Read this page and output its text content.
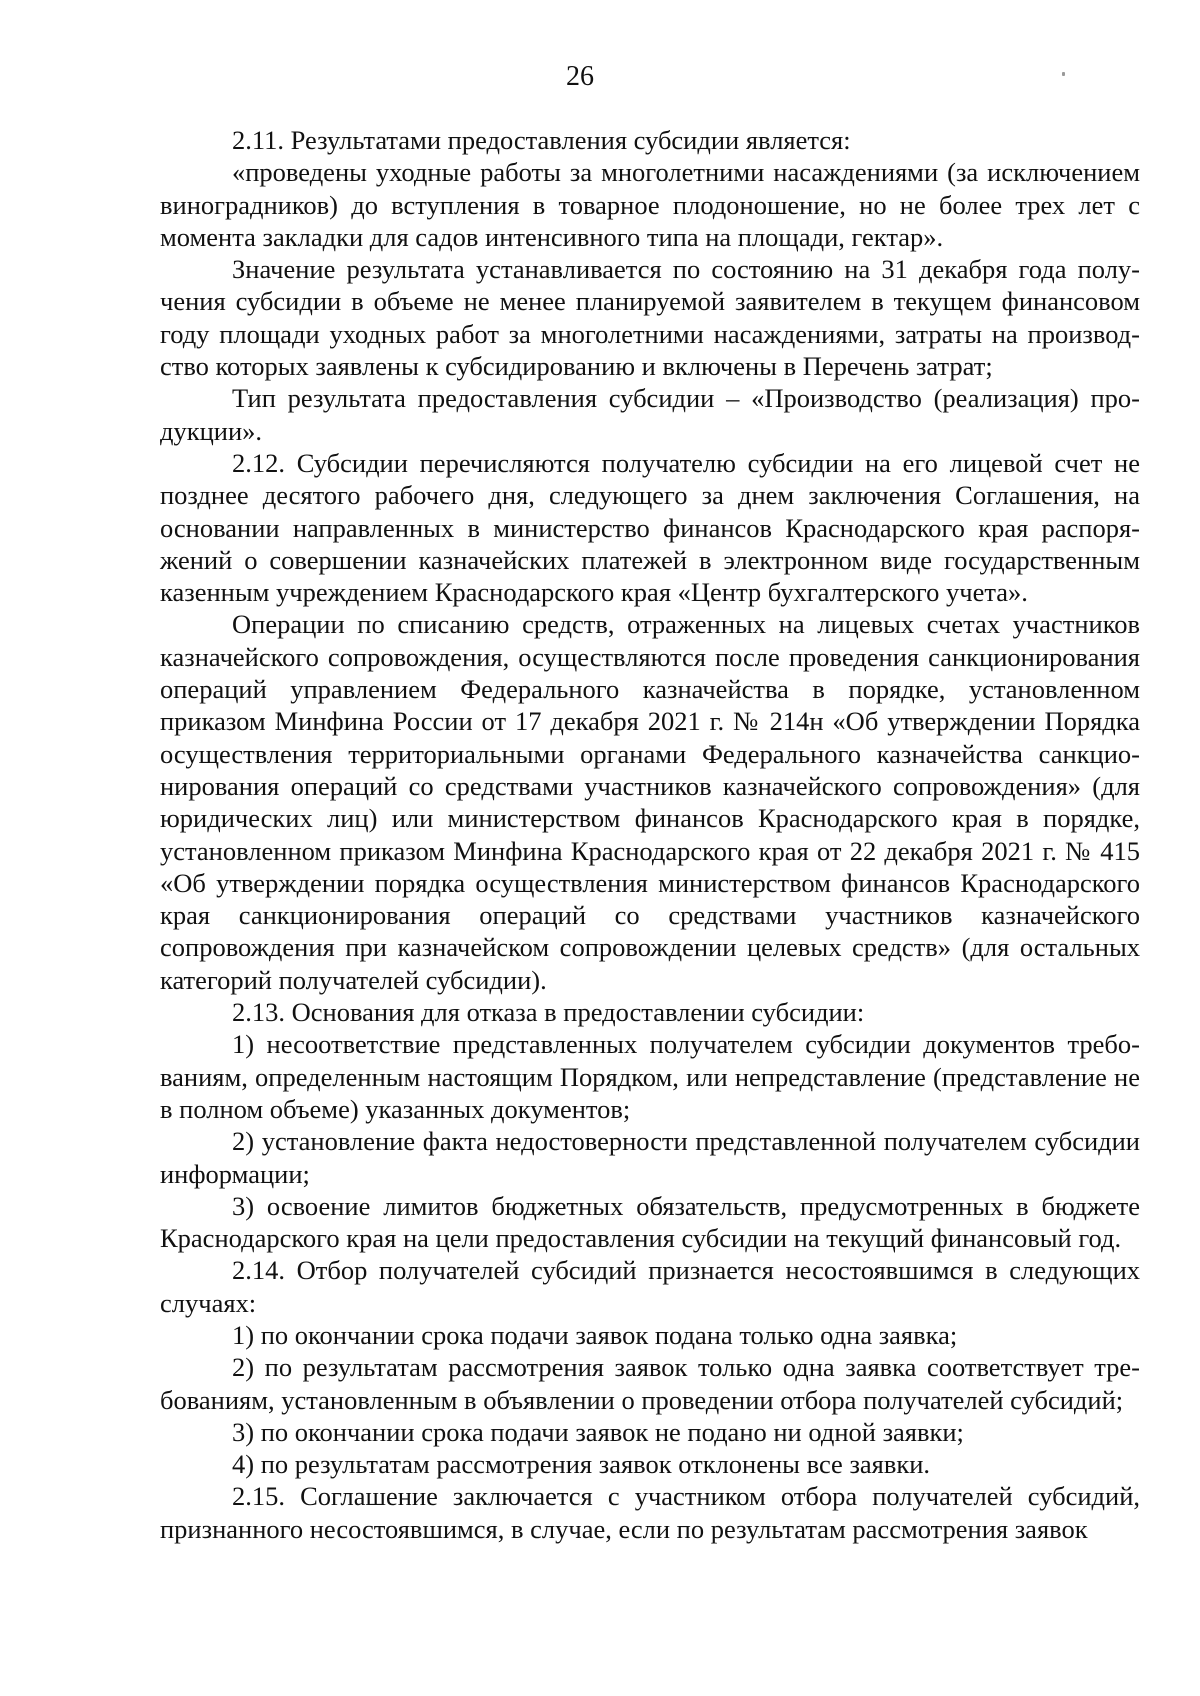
26

2.11. Результатами предоставления субсидии является:

«проведены уходные работы за многолетними насаждениями (за исключением виноградников) до вступления в товарное плодоношение, но не более трех лет с момента закладки для садов интенсивного типа на площади, гектар».

Значение результата устанавливается по состоянию на 31 декабря года получения субсидии в объеме не менее планируемой заявителем в текущем финансовом году площади уходных работ за многолетними насаждениями, затраты на производство которых заявлены к субсидированию и включены в Перечень затрат;

Тип результата предоставления субсидии – «Производство (реализация) продукции».

2.12. Субсидии перечисляются получателю субсидии на его лицевой счет не позднее десятого рабочего дня, следующего за днем заключения Соглашения, на основании направленных в министерство финансов Краснодарского края распоряжений о совершении казначейских платежей в электронном виде государственным казенным учреждением Краснодарского края «Центр бухгалтерского учета».

Операции по списанию средств, отраженных на лицевых счетах участников казначейского сопровождения, осуществляются после проведения санкционирования операций управлением Федерального казначейства в порядке, установленном приказом Минфина России от 17 декабря 2021 г. № 214н «Об утверждении Порядка осуществления территориальными органами Федерального казначейства санкционирования операций со средствами участников казначейского сопровождения» (для юридических лиц) или министерством финансов Краснодарского края в порядке, установленном приказом Минфина Краснодарского края от 22 декабря 2021 г. № 415 «Об утверждении порядка осуществления министерством финансов Краснодарского края санкционирования операций со средствами участников казначейского сопровождения при казначейском сопровождении целевых средств» (для остальных категорий получателей субсидии).

2.13. Основания для отказа в предоставлении субсидии:

1) несоответствие представленных получателем субсидии документов требованиям, определенным настоящим Порядком, или непредставление (представление не в полном объеме) указанных документов;

2) установление факта недостоверности представленной получателем субсидии информации;

3) освоение лимитов бюджетных обязательств, предусмотренных в бюджете Краснодарского края на цели предоставления субсидии на текущий финансовый год.

2.14. Отбор получателей субсидий признается несостоявшимся в следующих случаях:

1) по окончании срока подачи заявок подана только одна заявка;

2) по результатам рассмотрения заявок только одна заявка соответствует требованиям, установленным в объявлении о проведении отбора получателей субсидий;

3) по окончании срока подачи заявок не подано ни одной заявки;

4) по результатам рассмотрения заявок отклонены все заявки.

2.15. Соглашение заключается с участником отбора получателей субсидий, признанного несостоявшимся, в случае, если по результатам рассмотрения заявок
